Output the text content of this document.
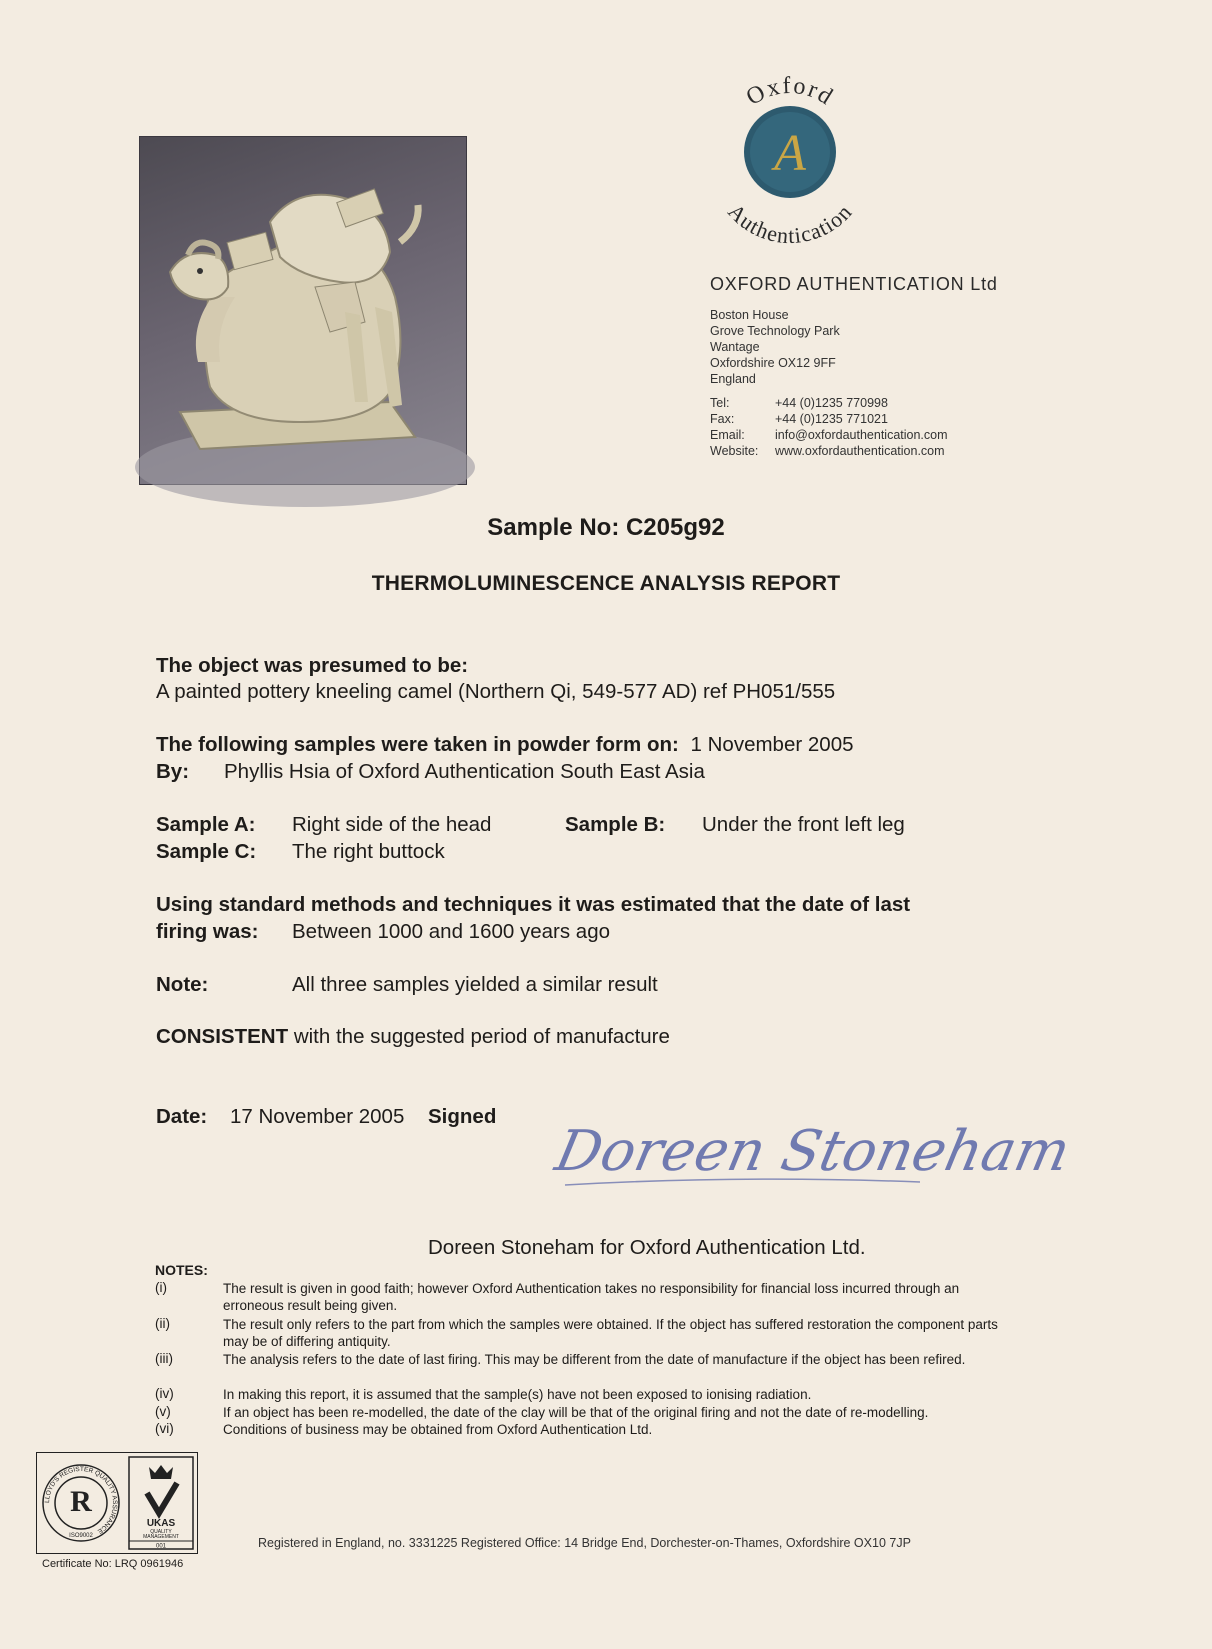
Oxford
A
Authentication
OXFORD AUTHENTICATION Ltd
Boston House
Grove Technology Park
Wantage
Oxfordshire OX12 9FF
England
Tel:	+44 (0)1235 770998
Fax:	+44 (0)1235 771021
Email: info@oxfordauthentication.com
Website: www.oxfordauthentication.com
Sample No: C205g92
THERMOLUMINESCENCE ANALYSIS REPORT
The object was presumed to be:
A painted pottery kneeling camel (Northern Qi, 549-577 AD) ref PH051/555
The following samples were taken in powder form on: 1 November 2005
By: Phyllis Hsia of Oxford Authentication South East Asia
Sample A: Right side of the head	Sample B: Under the front left leg
Sample C: The right buttock
Using standard methods and techniques it was estimated that the date of last
firing was: Between 1000 and 1600 years ago
Note:	All three samples yielded a similar result
CONSISTENT with the suggested period of manufacture
Date: 17 November 2005 Signed
Doreen Stoneham
Doreen Stoneham for Oxford Authentication Ltd.
NOTES:
(i)	The result is given in good faith; however Oxford Authentication takes no responsibility for financial loss incurred through an erroneous result being given.
(ii)	The result only refers to the part from which the samples were obtained. If the object has suffered restoration the component parts may be of differing antiquity.
(iii)	The analysis refers to the date of last firing. This may be different from the date of manufacture if the object has been refired.
(iv)	In making this report, it is assumed that the sample(s) have not been exposed to ionising radiation.
(v)	If an object has been re-modelled, the date of the clay will be that of the original firing and not the date of re-modelling.
(vi)	Conditions of business may be obtained from Oxford Authentication Ltd.
LLOYD'S REGISTER QUALITY ASSURANCE
R
ISO9002
UKAS
QUALITY
MANAGEMENT
001
Certificate No: LRQ 0961946
Registered in England, no. 3331225 Registered Office: 14 Bridge End, Dorchester-on-Thames, Oxfordshire OX10 7JP
